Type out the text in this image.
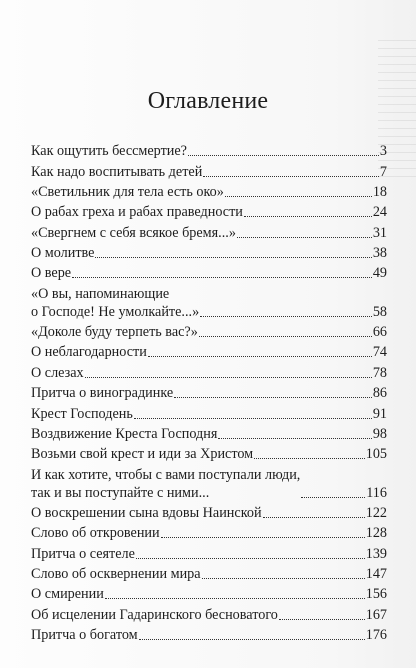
Оглавление
Как ощутить бессмертие?	3
Как надо воспитывать детей	7
«Светильник для тела есть око»	18
О рабах греха и рабах праведности	24
«Свергнем с себя всякое бремя...»	31
О молитве	38
О вере	49
«О вы, напоминающие
о Господе! Не умолкайте...»	58
«Доколе буду терпеть вас?»	66
О неблагодарности	74
О слезах	78
Притча о виноградинке	86
Крест Господень	91
Воздвижение Креста Господня	98
Возьми свой крест и иди за Христом	105
И как хотите, чтобы с вами поступали люди,
так и вы поступайте с ними...	116
О воскрешении сына вдовы Наинской	122
Слово об откровении	128
Притча о сеятеле	139
Слово об осквернении мира	147
О смирении	156
Об исцелении Гадаринского бесноватого	167
Притча о богатом	176
